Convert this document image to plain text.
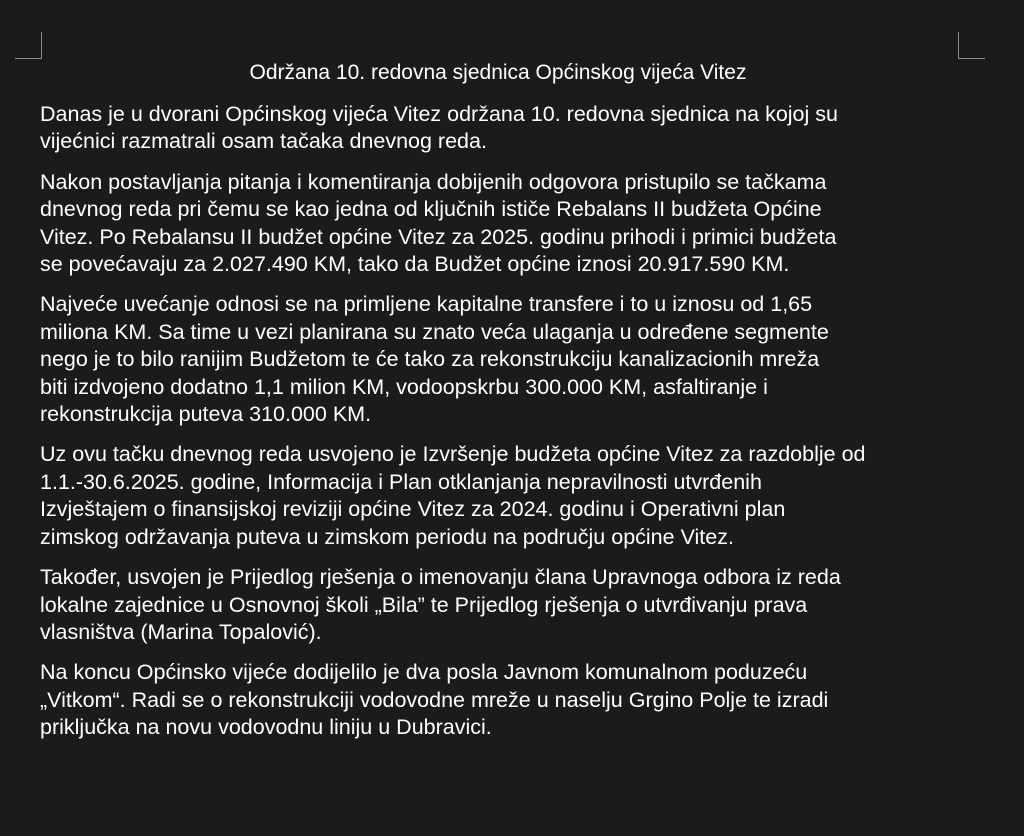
Održana 10. redovna sjednica Općinskog vijeća Vitez

Danas je u dvorani Općinskog vijeća Vitez održana 10. redovna sjednica na kojoj su
vijećnici razmatrali osam tačaka dnevnog reda.

Nakon postavljanja pitanja i komentiranja dobijenih odgovora pristupilo se tačkama
dnevnog reda pri čemu se kao jedna od ključnih ističe Rebalans II budžeta Općine
Vitez. Po Rebalansu II budžet općine Vitez za 2025. godinu prihodi i primici budžeta
se povećavaju za 2.027.490 KM, tako da Budžet općine iznosi 20.917.590 KM.

Najveće uvećanje odnosi se na primljene kapitalne transfere i to u iznosu od 1,65
miliona KM. Sa time u vezi planirana su znato veća ulaganja u određene segmente
nego je to bilo ranijim Budžetom te će tako za rekonstrukciju kanalizacionih mreža
biti izdvojeno dodatno 1,1 milion KM, vodoopskrbu 300.000 KM, asfaltiranje i
rekonstrukcija puteva 310.000 KM.

Uz ovu tačku dnevnog reda usvojeno je Izvršenje budžeta općine Vitez za razdoblje od
1.1.-30.6.2025. godine, Informacija i Plan otklanjanja nepravilnosti utvrđenih
Izvještajem o finansijskoj reviziji općine Vitez za 2024. godinu i Operativni plan
zimskog održavanja puteva u zimskom periodu na području općine Vitez.

Također, usvojen je Prijedlog rješenja o imenovanju člana Upravnoga odbora iz reda
lokalne zajednice u Osnovnoj školi „Bila” te Prijedlog rješenja o utvrđivanju prava
vlasništva (Marina Topalović).

Na koncu Općinsko vijeće dodijelilo je dva posla Javnom komunalnom poduzeću
„Vitkom“. Radi se o rekonstrukciji vodovodne mreže u naselju Grgino Polje te izradi
priključka na novu vodovodnu liniju u Dubravici.
